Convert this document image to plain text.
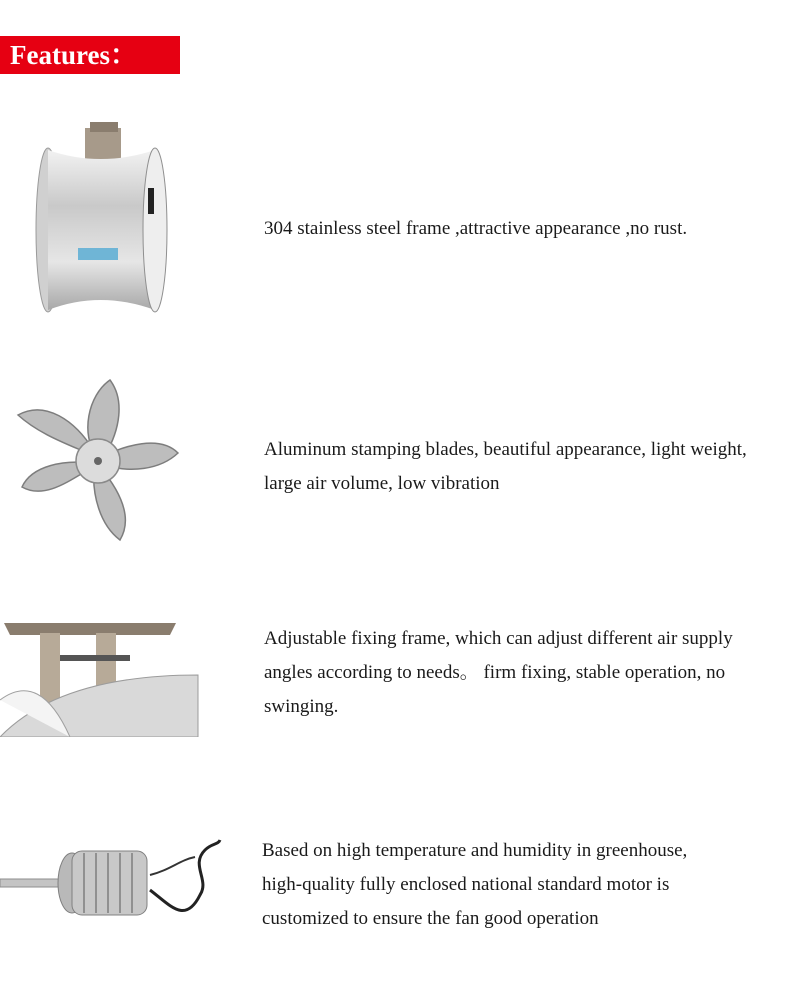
Features：
304 stainless steel frame ,attractive appearance ,no rust.
Aluminum stamping blades, beautiful appearance, light weight,
large air volume, low vibration
Adjustable fixing frame, which can adjust different air supply
angles according to needs。 firm fixing, stable operation, no
swinging.
Based on high temperature and humidity in greenhouse,
high-quality fully enclosed national standard motor is
customized to ensure the fan good operation
